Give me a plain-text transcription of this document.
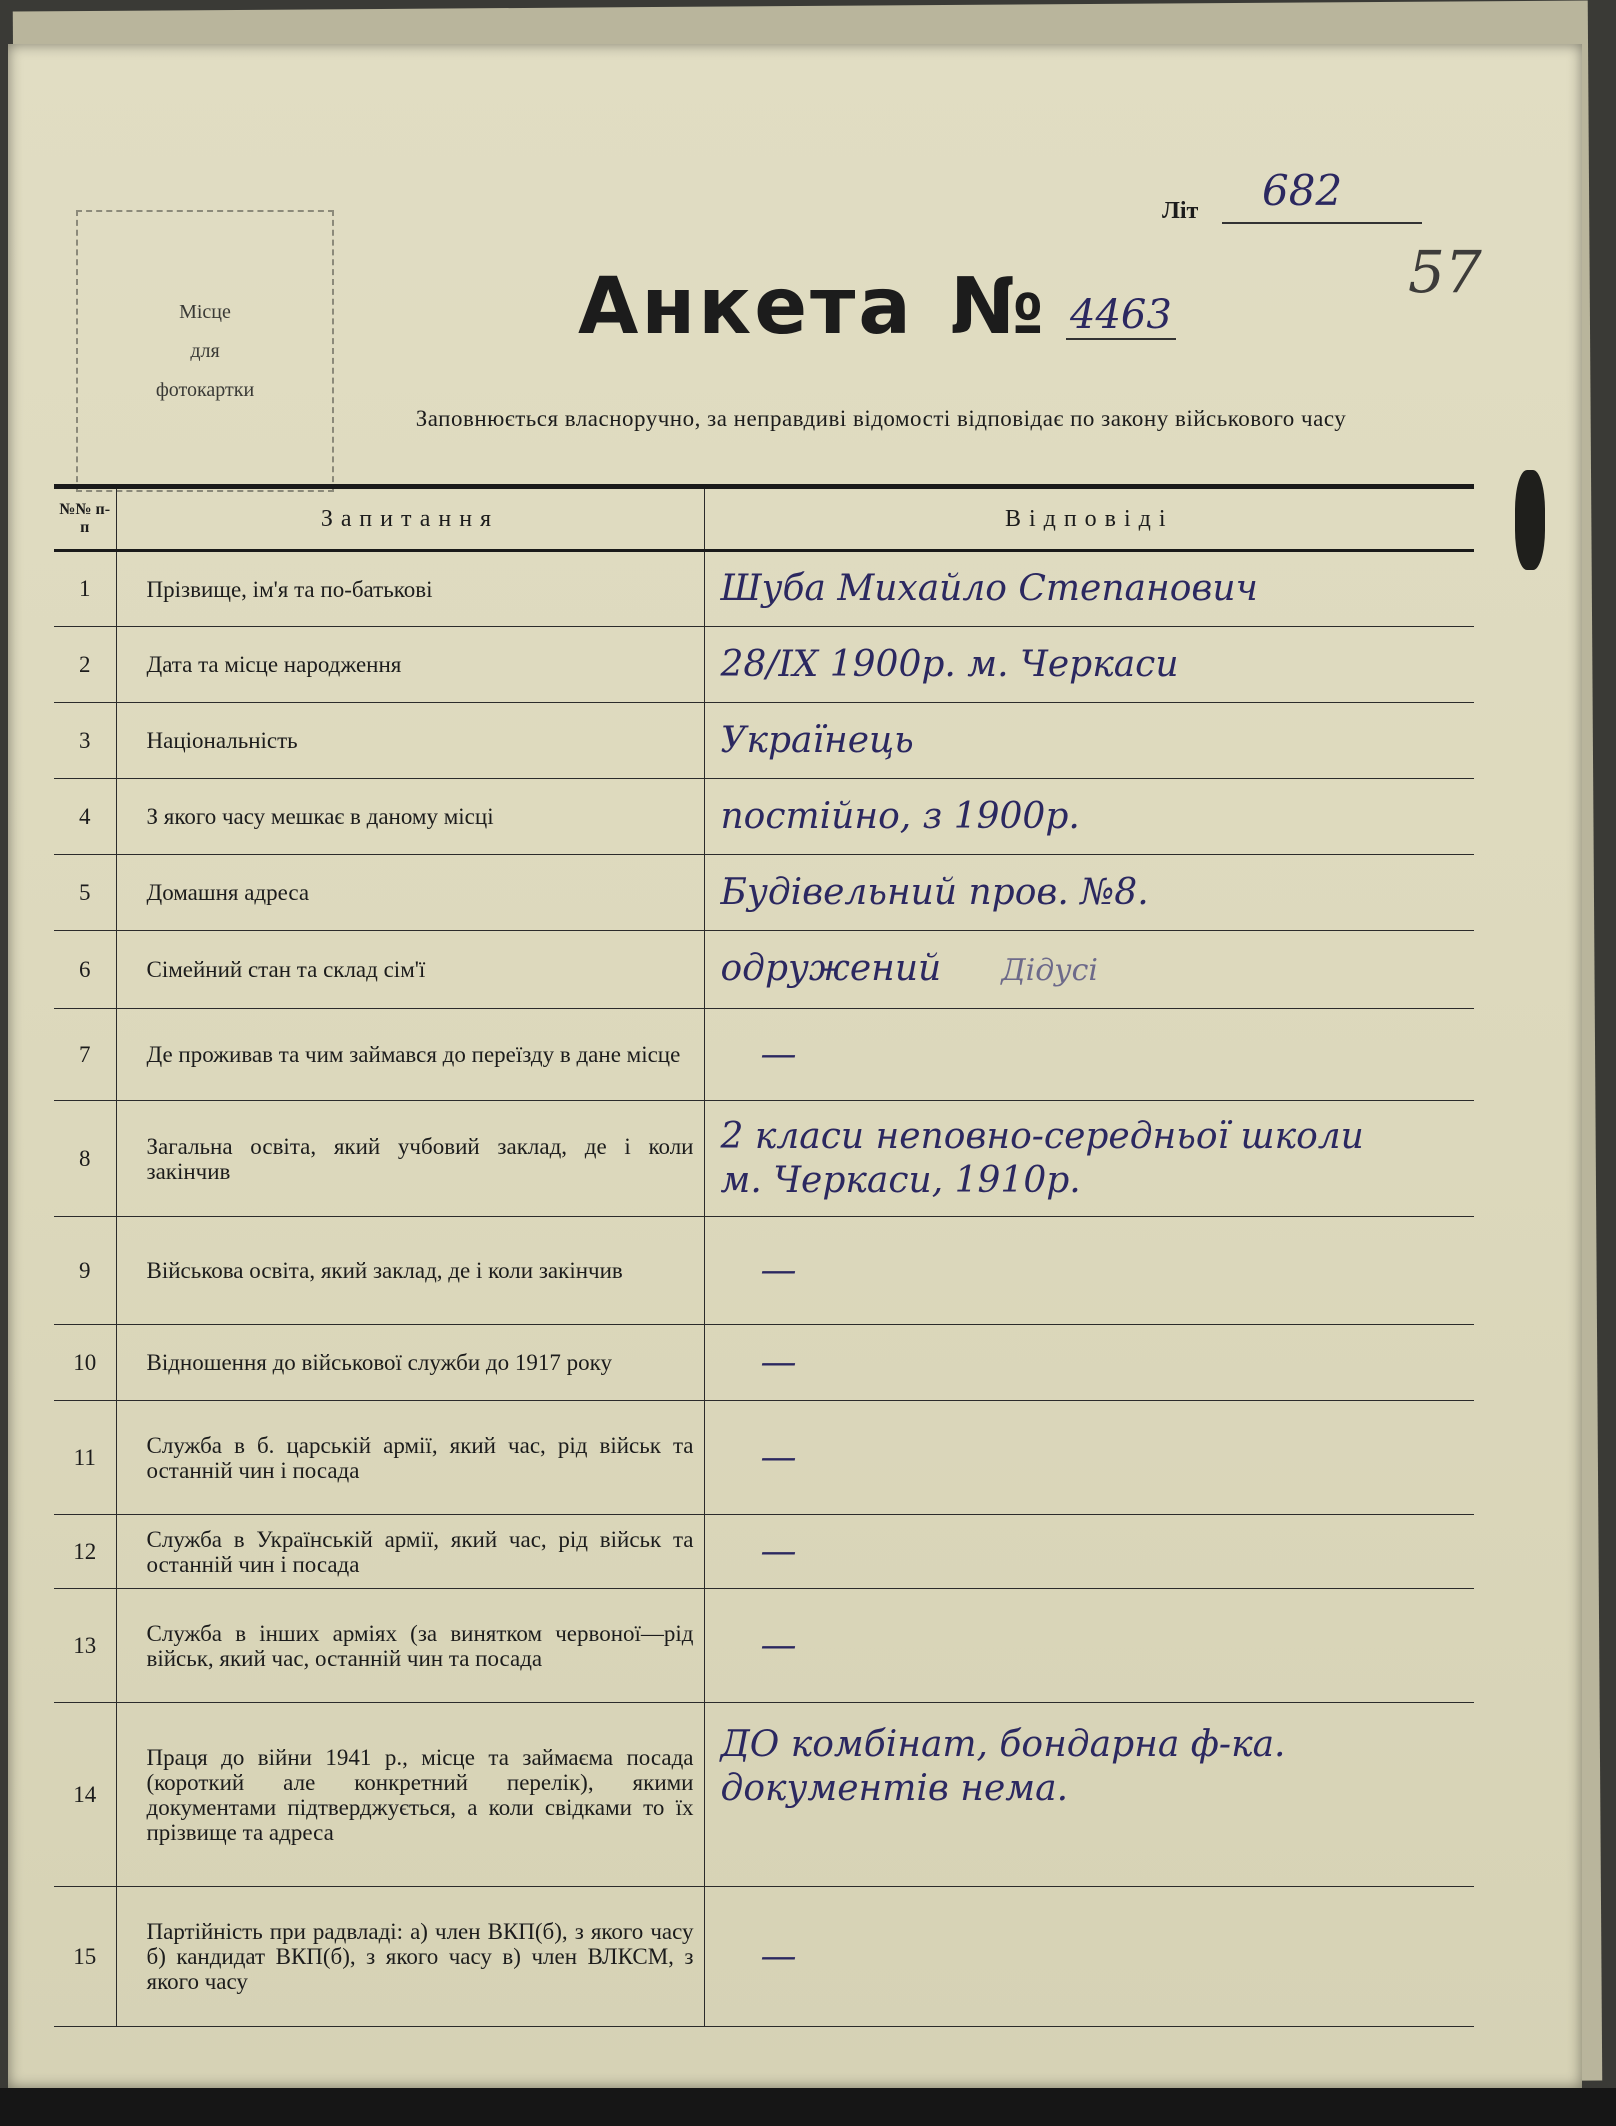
Місце
для
фотокартки
Літ 682
57
Анкета № 4463
Заповнюється власноручно, за неправдиві відомості відповідає по закону військового часу
№№ п-п	Запитання	Відповіді
1	Прізвище, ім'я та по-батькові	Шуба Михайло Степанович

2	Дата та місце народження	28/IX 1900р. м. Черкаси

3	Національність	Українець

4	З якого часу мешкає в даному місці	постійно, з 1900р.

5	Домашня адреса	Будівельний пров. №8.

6	Сімейний стан та склад сім'ї	одружений Дідусі

7	Де проживав та чим займався до переїзду в дане місце	—

8	Загальна освіта, який учбовий заклад, де і коли закінчив	2 класи неповно-середньої школи
м. Черкаси, 1910р.

9	Військова освіта, який заклад, де і коли закінчив	—

10	Відношення до військової служби до 1917 року	—

11	Служба в б. царській армії, який час, рід військ та останній чин і посада	—

12	Служба в Українській армії, який час, рід військ та останній чин і посада	—

13	Служба в інших арміях (за винятком червоної—рід військ, який час, останній чин та посада	—

14	Праця до війни 1941 р., місце та займаєма посада (короткий але конкретний перелік), якими документами підтверджується, а коли свідками то їх прізвище та адреса	ДО комбінат, бондарна ф-ка.
документів нема.

15	Партійність при радвладі: а) член ВКП(б), з якого часу б) кандидат ВКП(б), з якого часу в) член ВЛКСМ, з якого часу	—
